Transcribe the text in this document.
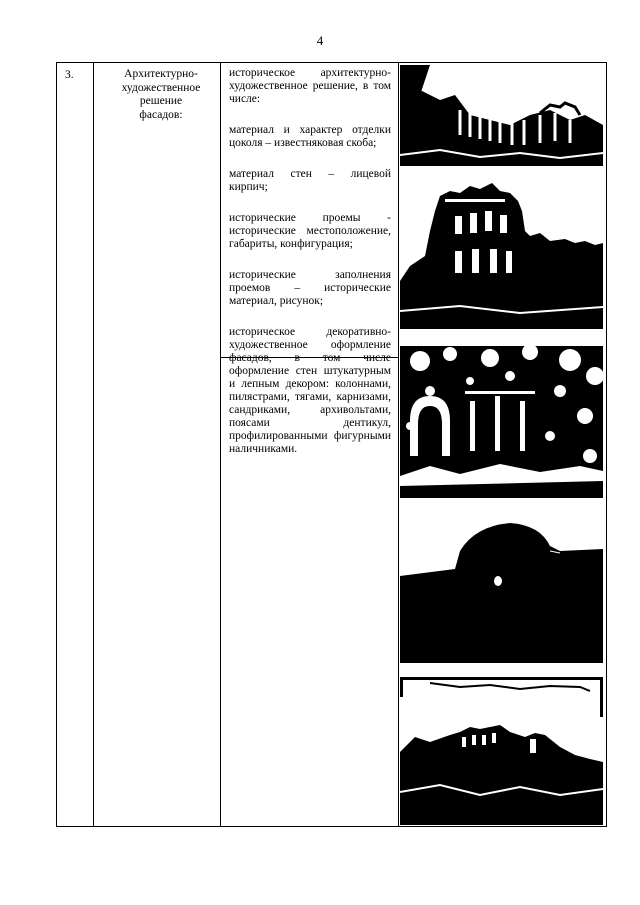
4
3.	Архитектурно-
художественное
решение
фасадов:

историческое архитектурно-художественное решение, в том числе:

материал и характер отделки цоколя – известняковая скоба;

материал стен – лицевой кирпич;

исторические проемы - исторические местоположение, габариты, конфигурация;

исторические заполнения проемов – исторические материал, рисунок;

историческое декоративно-художественное оформление фасадов, в том числе оформление стен штукатурным и лепным декором: колоннами, пилястрами, тягами, карнизами, сандриками, архивольтами, поясами дентикул, профилированными фигурными наличниками.
